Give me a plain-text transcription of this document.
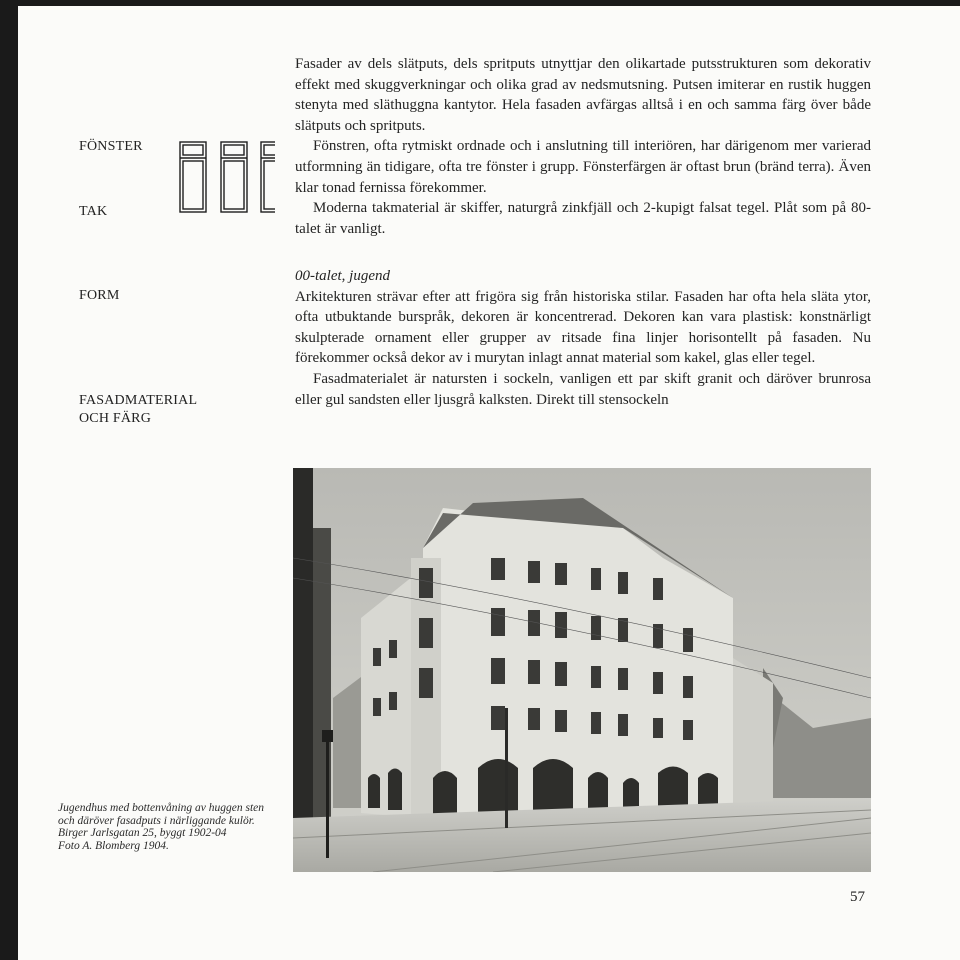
FÖNSTER
TAK
FORM
FASADMATERIAL
OCH FÄRG

Fasader av dels slätputs, dels spritputs utnyttjar den olikartade putsstrukturen som dekorativ effekt med skuggverkningar och olika grad av nedsmutsning. Putsen imiterar en rustik huggen stenyta med släthuggna kantytor. Hela fasaden avfärgas alltså i en och samma färg över både slätputs och spritputs.

Fönstren, ofta rytmiskt ordnade och i anslutning till interiören, har därigenom mer varierad utformning än tidigare, ofta tre fönster i grupp. Fönsterfärgen är oftast brun (bränd terra). Även klar tonad fernissa förekommer.

Moderna takmaterial är skiffer, naturgrå zinkfjäll och 2-kupigt falsat tegel. Plåt som på 80-talet är vanligt.

00-talet, jugend

Arkitekturen strävar efter att frigöra sig från historiska stilar. Fasaden har ofta hela släta ytor, ofta utbuktande burspråk, dekoren är koncentrerad. Dekoren kan vara plastisk: konstnärligt skulpterade ornament eller grupper av ritsade fina linjer horisontellt på fasaden. Nu förekommer också dekor av i murytan inlagt annat material som kakel, glas eller tegel.

Fasadmaterialet är natursten i sockeln, vanligen ett par skift granit och däröver brunrosa eller gul sandsten eller ljusgrå kalksten. Direkt till stensockeln

Jugendhus med bottenvåning av huggen sten och däröver fasadputs i närliggande kulör.
Birger Jarlsgatan 25, byggt 1902-04
Foto A. Blomberg 1904.
57
